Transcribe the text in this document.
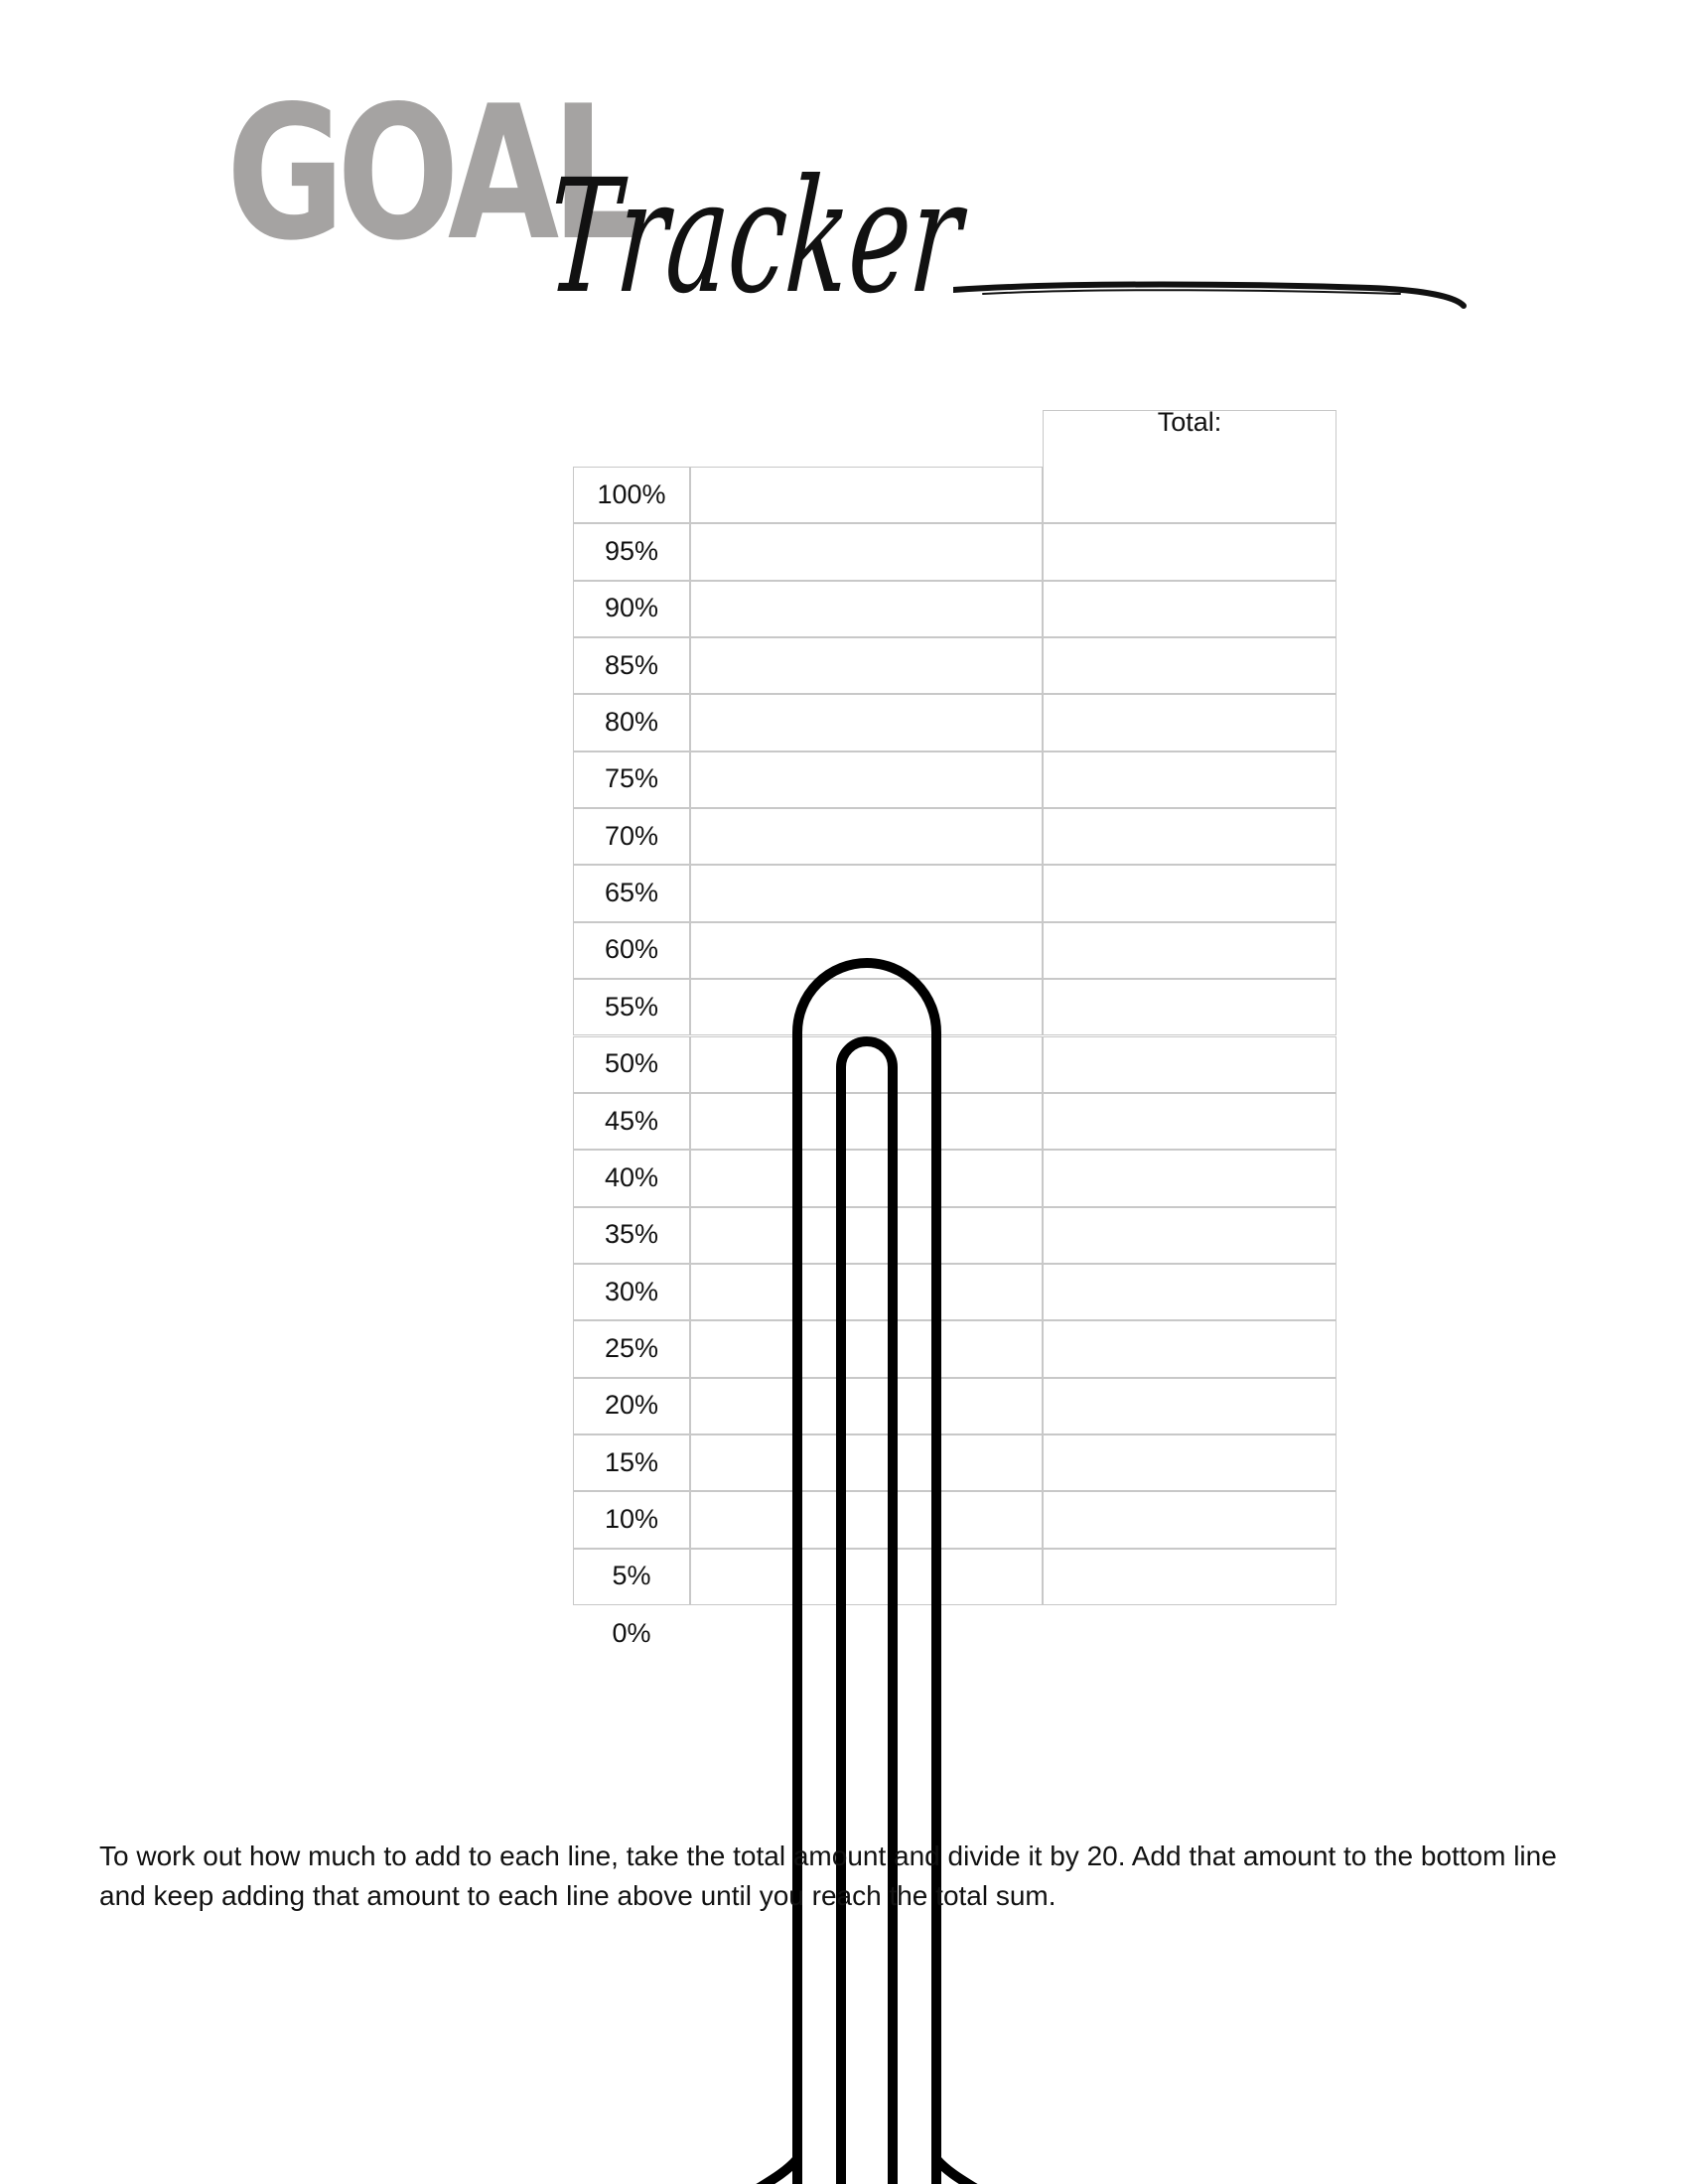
GOAL
Tracker
100%
95%
90%
85%
80%
75%
70%
65%
60%
55%
50%
45%
40%
35%
30%
25%
20%
15%
10%
5%
Total:
0%

To work out how much to add to each line, take the total amount and divide it by 20. Add that amount to the bottom line and keep adding that amount to each line above until you reach the total sum.
